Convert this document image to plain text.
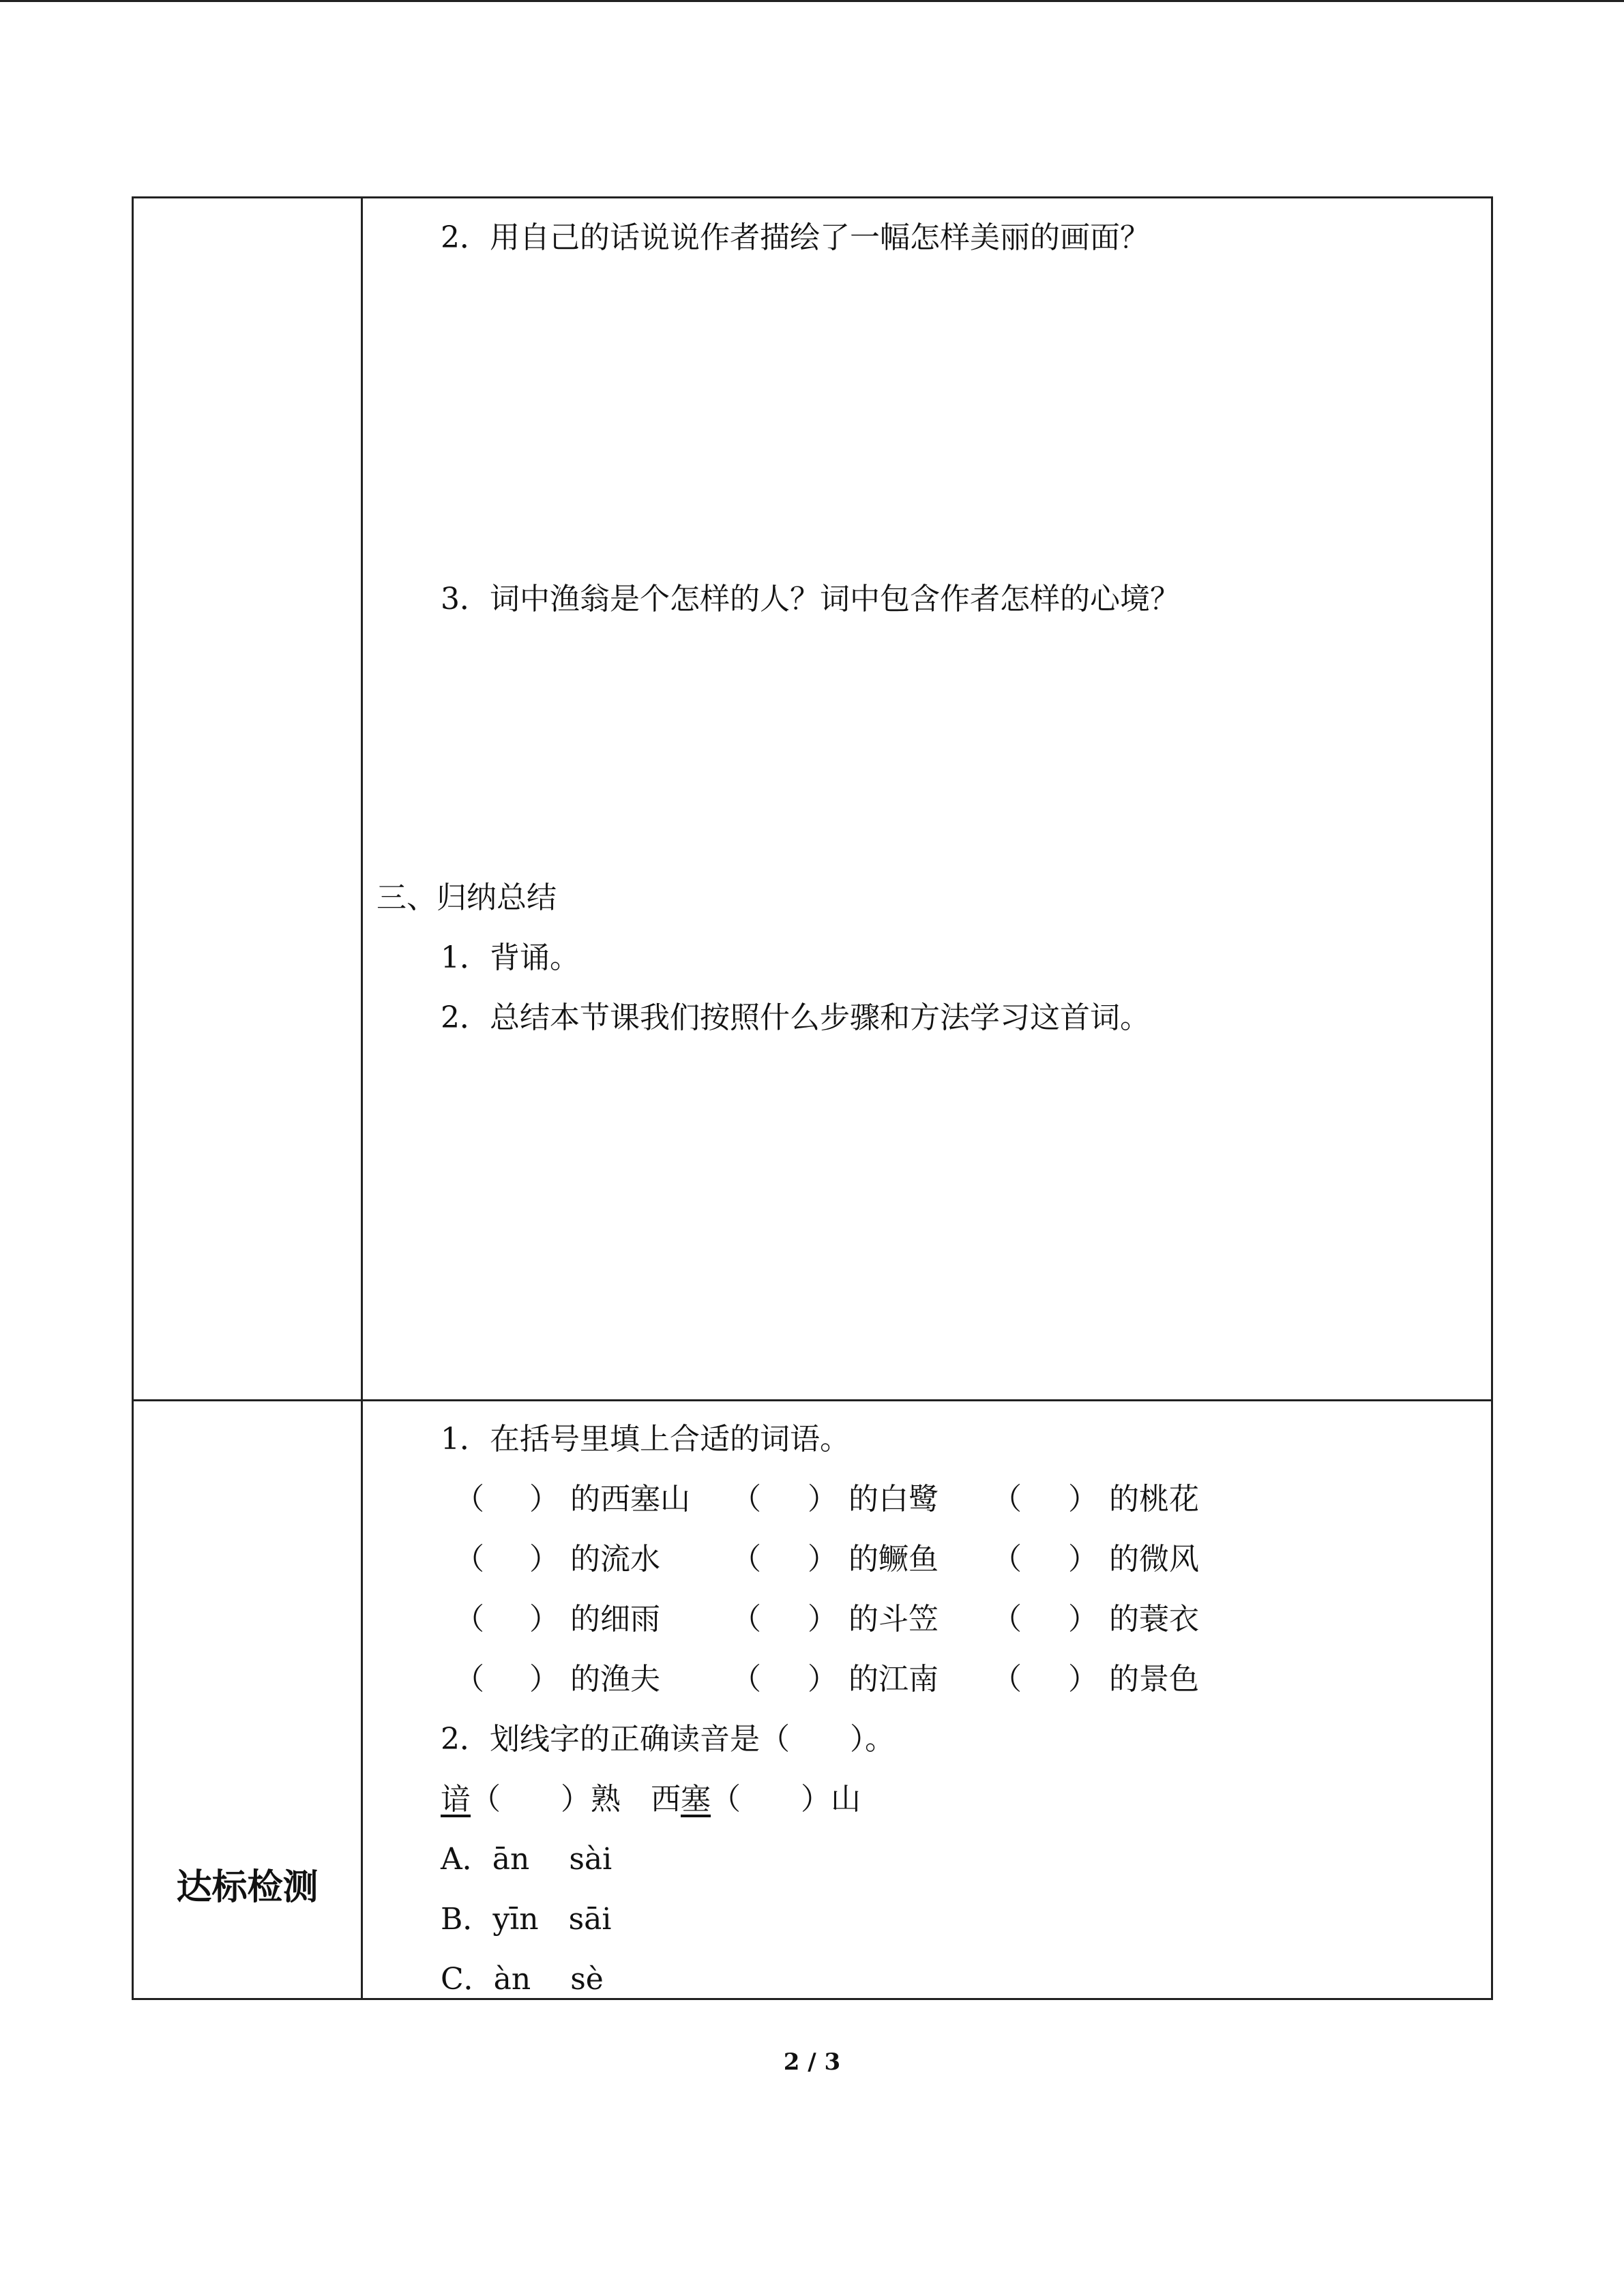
2．用自己的话说说作者描绘了一幅怎样美丽的画面？
3．词中渔翁是个怎样的人？词中包含作者怎样的心境？
三、归纳总结
1．背诵。
2．总结本节课我们按照什么步骤和方法学习这首词。
达标检测
1．在括号里填上合适的词语。
（ ） 的西塞山 （ ） 的白鹭 （ ） 的桃花
（ ） 的流水 （ ） 的鳜鱼 （ ） 的微风
（ ） 的细雨 （ ） 的斗笠 （ ） 的蓑衣
（ ） 的渔夫 （ ） 的江南 （ ） 的景色
2．划线字的正确读音是（　　）。
谙（　　）熟　 西塞（　　）山
A．ān　 sài
B．yīn　sāi
C．àn　 sè
2 / 3
